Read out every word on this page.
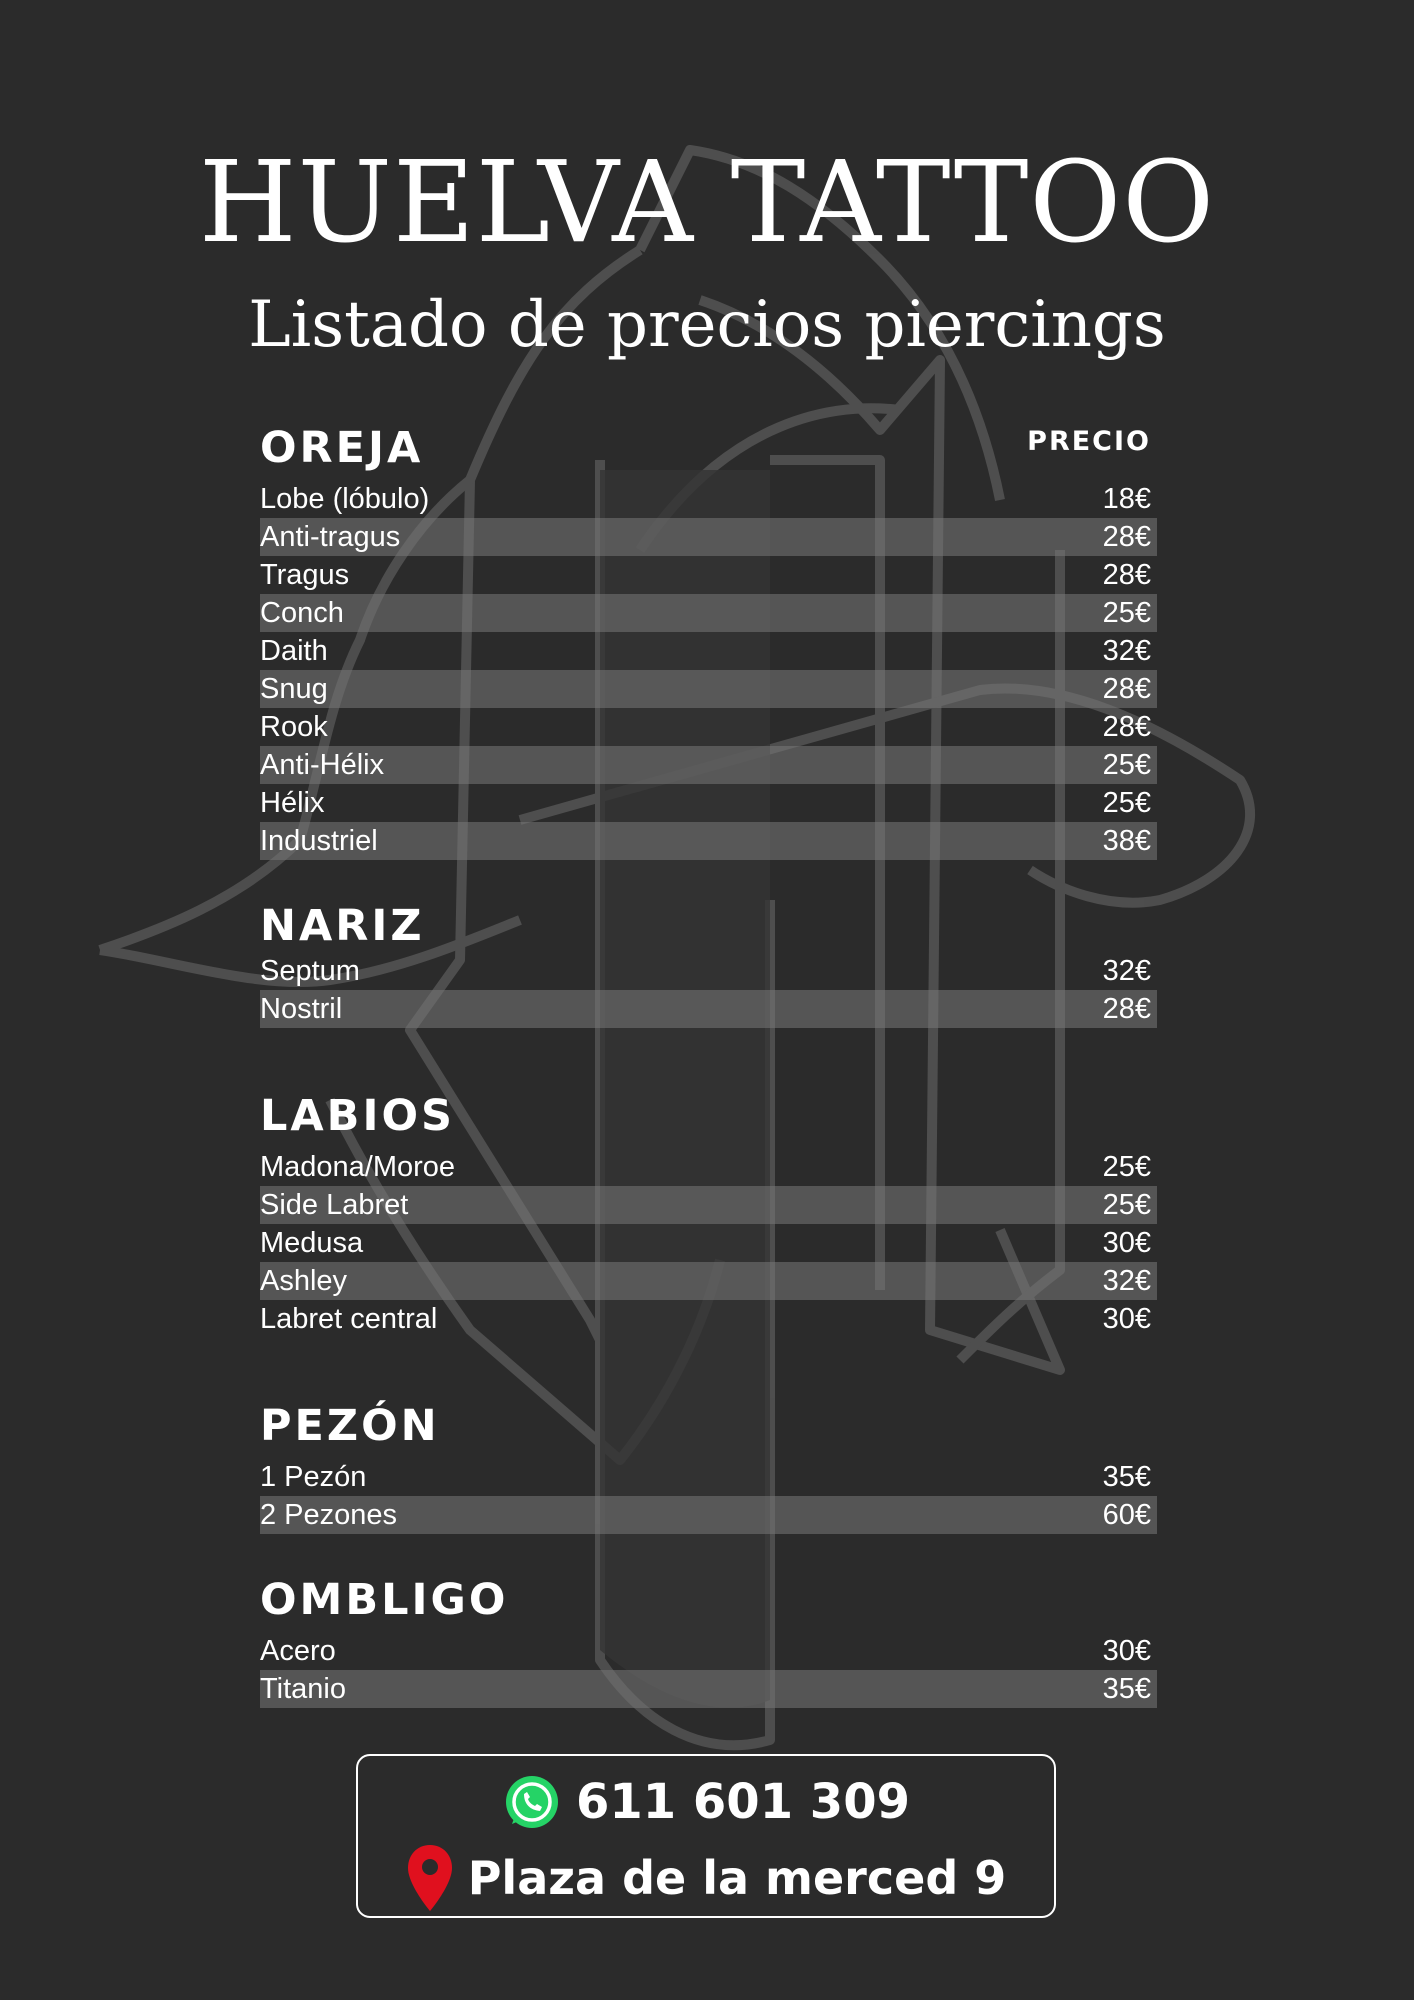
HUELVA TATTOO
Listado de precios piercings
OREJA	PRECIO
Lobe (lóbulo)	18€
Anti-tragus	28€
Tragus	28€
Conch	25€
Daith	32€
Snug	28€
Rook	28€
Anti-Hélix	25€
Hélix	25€
Industriel	38€
NARIZ
Septum	32€
Nostril	28€
LABIOS
Madona/Moroe	25€
Side Labret	25€
Medusa	30€
Ashley	32€
Labret central	30€
PEZÓN
1 Pezón	35€
2 Pezones	60€
OMBLIGO
Acero	30€
Titanio	35€
611 601 309
Plaza de la merced 9
